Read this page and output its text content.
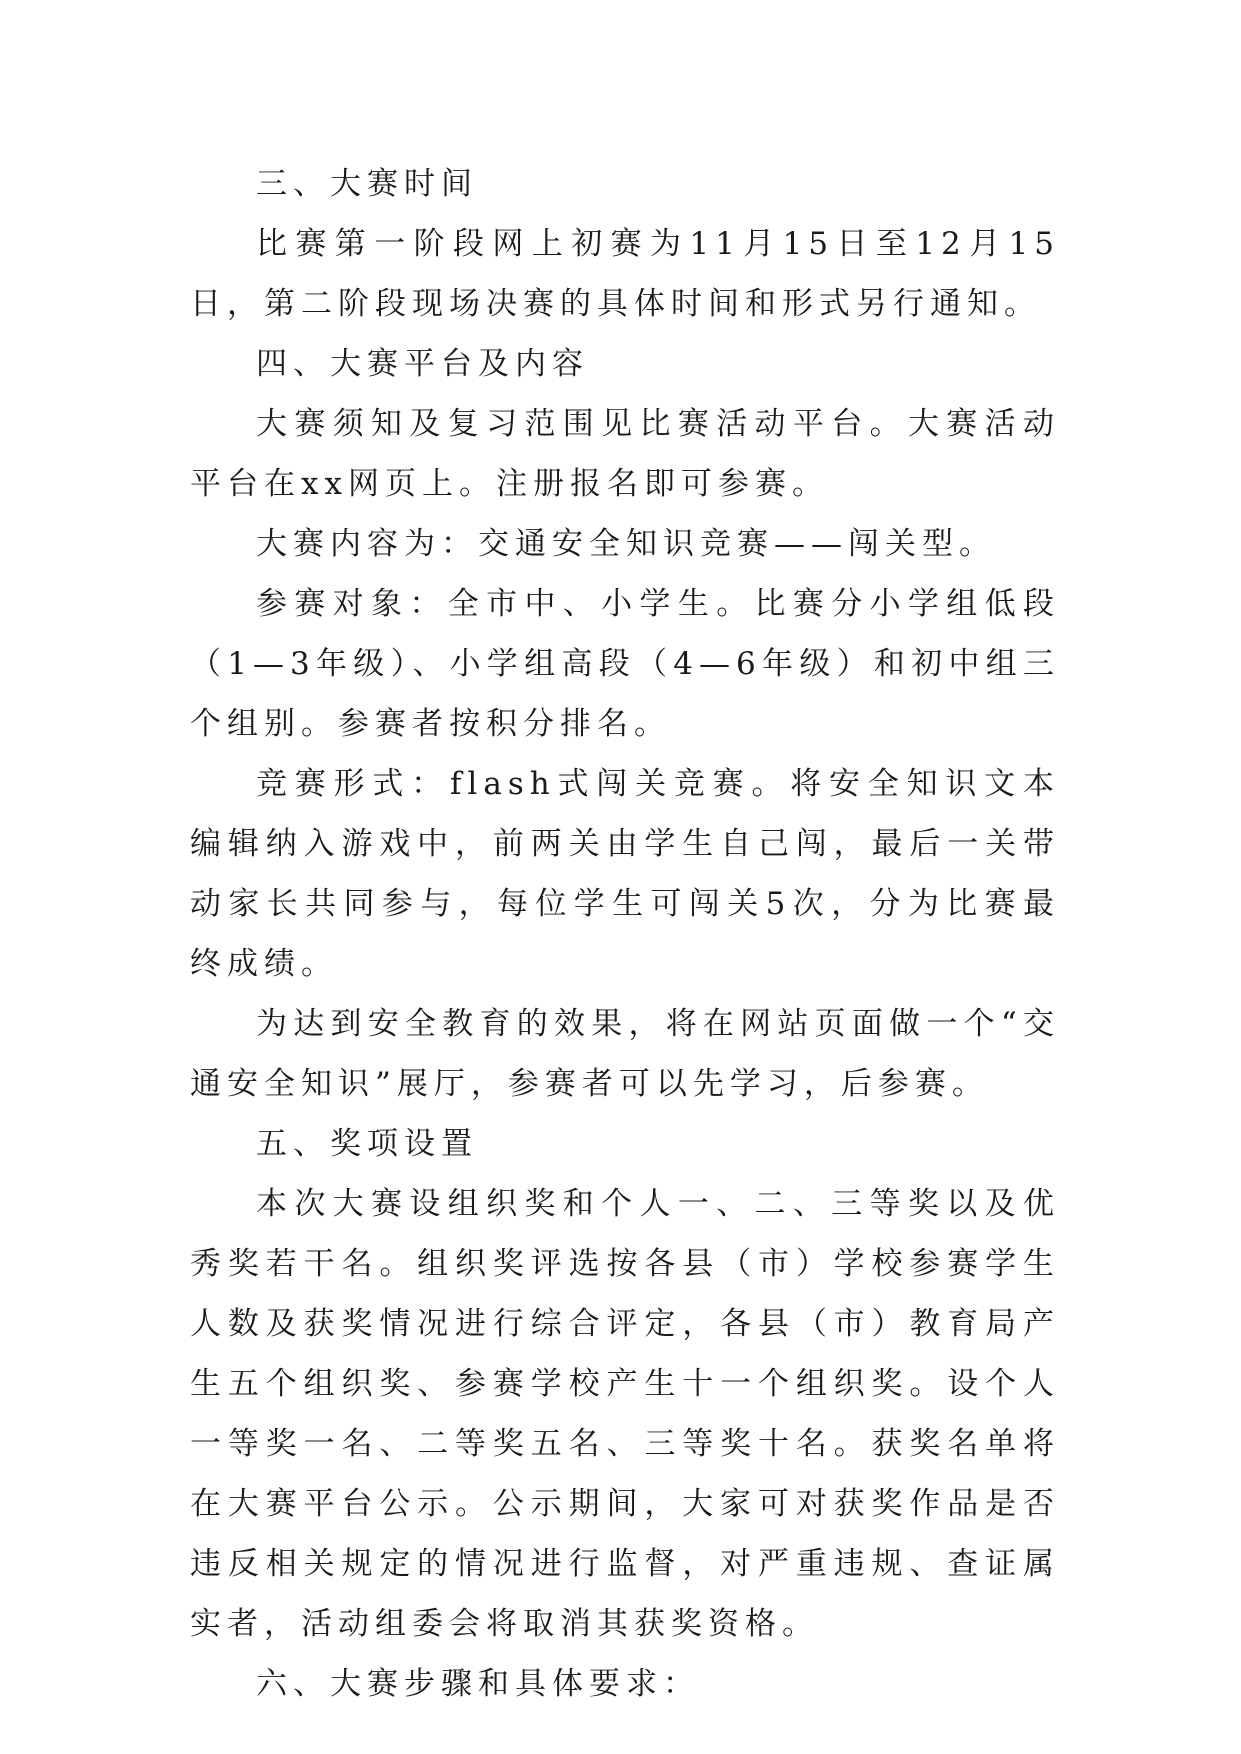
三、大赛时间

比赛第一阶段网上初赛为11月15日至12月15日，第二阶段现场决赛的具体时间和形式另行通知。

四、大赛平台及内容

大赛须知及复习范围见比赛活动平台。大赛活动平台在xx网页上。注册报名即可参赛。

大赛内容为：交通安全知识竞赛——闯关型。

参赛对象：全市中、小学生。比赛分小学组低段（1—3年级）、小学组高段（4—6年级）和初中组三个组别。参赛者按积分排名。

竞赛形式：flash式闯关竞赛。将安全知识文本编辑纳入游戏中，前两关由学生自己闯，最后一关带动家长共同参与，每位学生可闯关5次，分为比赛最终成绩。

为达到安全教育的效果，将在网站页面做一个“交通安全知识”展厅，参赛者可以先学习，后参赛。

五、奖项设置

本次大赛设组织奖和个人一、二、三等奖以及优秀奖若干名。组织奖评选按各县（市）学校参赛学生人数及获奖情况进行综合评定，各县（市）教育局产生五个组织奖、参赛学校产生十一个组织奖。设个人一等奖一名、二等奖五名、三等奖十名。获奖名单将在大赛平台公示。公示期间，大家可对获奖作品是否违反相关规定的情况进行监督，对严重违规、查证属实者，活动组委会将取消其获奖资格。

六、大赛步骤和具体要求：
